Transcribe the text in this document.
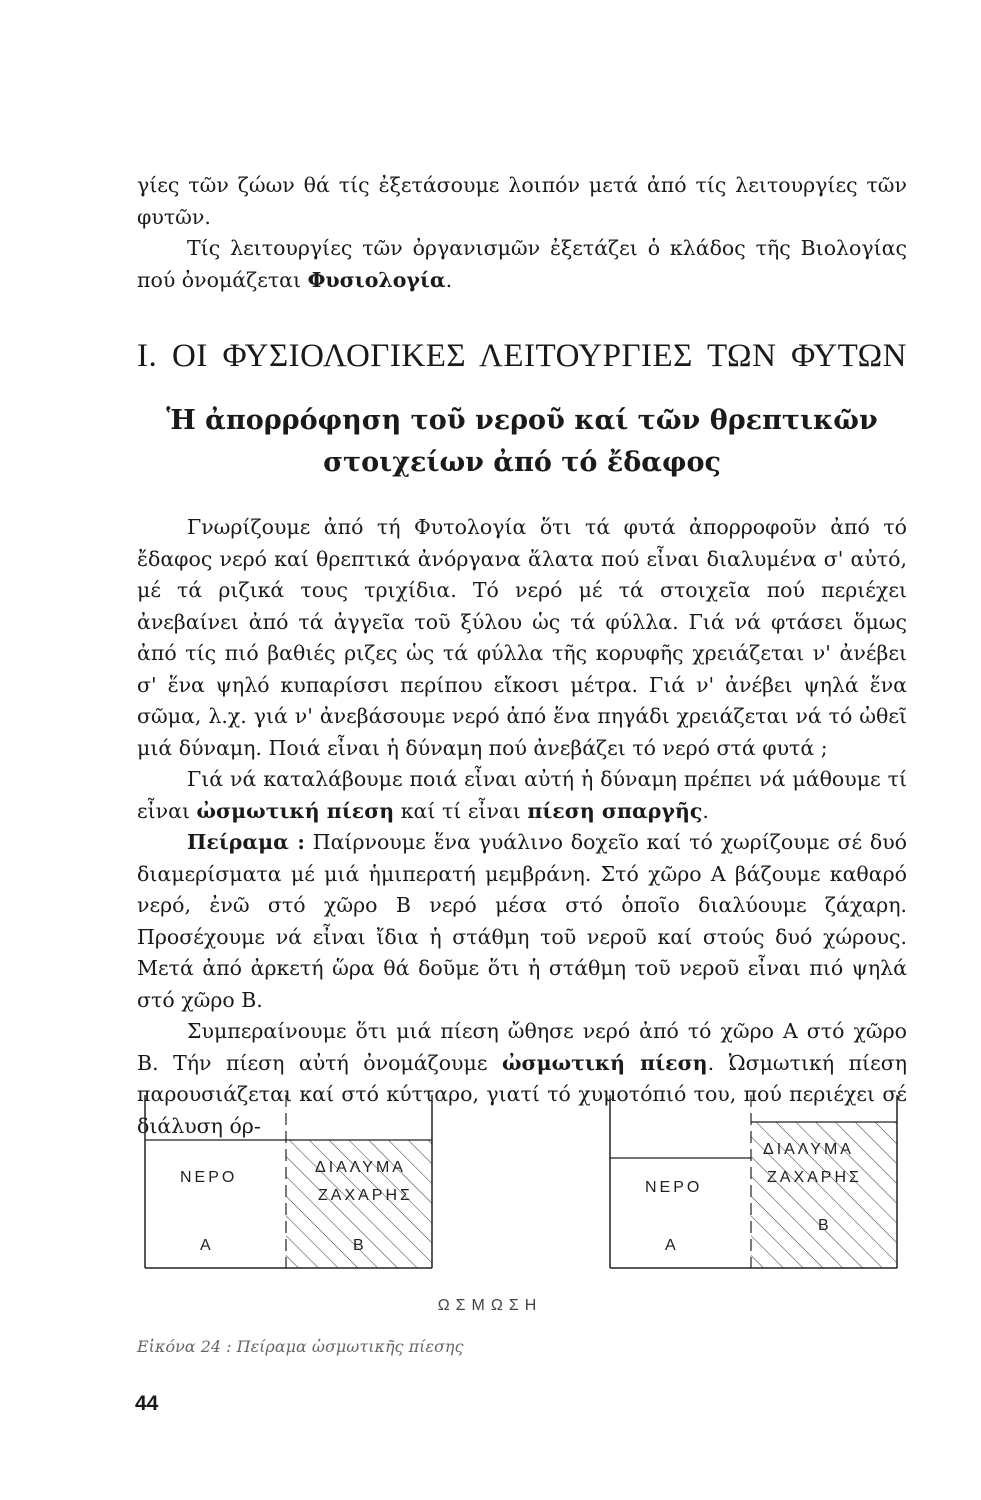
γίες τῶν ζώων θά τίς ἐξετάσουμε λοιπόν μετά ἀπό τίς λειτουργίες τῶν φυτῶν.

Τίς λειτουργίες τῶν ὀργανισμῶν ἐξετάζει ὁ κλάδος τῆς Βιολογίας πού ὀνομάζεται Φυσιολογία.

I. ΟΙ ΦΥΣΙΟΛΟΓΙΚΕΣ ΛΕΙΤΟΥΡΓΙΕΣ ΤΩΝ ΦΥΤΩΝ
Ἡ ἀπορρόφηση τοῦ νεροῦ καί τῶν θρεπτικῶν στοιχείων ἀπό τό ἔδαφος

Γνωρίζουμε ἀπό τή Φυτολογία ὅτι τά φυτά ἀπορροφοῦν ἀπό τό ἔδαφος νερό καί θρεπτικά ἀνόργανα ἅλατα πού εἶναι διαλυμένα σ' αὐτό, μέ τά ριζικά τους τριχίδια. Τό νερό μέ τά στοιχεῖα πού περιέχει ἀνεβαίνει ἀπό τά ἀγγεῖα τοῦ ξύλου ὡς τά φύλλα. Γιά νά φτάσει ὅμως ἀπό τίς πιό βαθιές ριζες ὡς τά φύλλα τῆς κορυφῆς χρειάζεται ν' ἀνέβει σ' ἕνα ψηλό κυπαρίσσι περίπου εἴκοσι μέτρα. Γιά ν' ἀνέβει ψηλά ἕνα σῶμα, λ.χ. γιά ν' ἀνεβάσουμε νερό ἀπό ἕνα πηγάδι χρειάζεται νά τό ὠθεῖ μιά δύναμη. Ποιά εἶναι ἡ δύναμη πού ἀνεβάζει τό νερό στά φυτά ;

Γιά νά καταλάβουμε ποιά εἶναι αὐτή ἡ δύναμη πρέπει νά μάθουμε τί εἶναι ὠσμωτική πίεση καί τί εἶναι πίεση σπαργῆς.

Πείραμα : Παίρνουμε ἕνα γυάλινο δοχεῖο καί τό χωρίζουμε σέ δυό διαμερίσματα μέ μιά ἡμιπερατή μεμβράνη. Στό χῶρο Α βάζουμε καθαρό νερό, ἐνῶ στό χῶρο Β νερό μέσα στό ὁποῖο διαλύουμε ζάχαρη. Προσέχουμε νά εἶναι ἴδια ἡ στάθμη τοῦ νεροῦ καί στούς δυό χώρους. Μετά ἀπό ἀρκετή ὥρα θά δοῦμε ὅτι ἡ στάθμη τοῦ νεροῦ εἶναι πιό ψηλά στό χῶρο Β.

Συμπεραίνουμε ὅτι μιά πίεση ὤθησε νερό ἀπό τό χῶρο Α στό χῶρο Β. Τήν πίεση αὐτή ὀνομάζουμε ὠσμωτική πίεση. Ὠσμωτική πίεση παρουσιάζεται καί στό κύτταρο, γιατί τό χυμοτόπιό του, πού περιέχει σέ διάλυση όρ-

ΝΕΡΟ
Α
ΔΙΑΛΥΜΑ
ΖΑΧΑΡΗΣ
Β
ΝΕΡΟ
Α
ΔΙΑΛΥΜΑ
ΖΑΧΑΡΗΣ
Β
ΩΣΜΩΣΗ
Εἰκόνα 24 : Πείραμα ὠσμωτικῆς πίεσης
44
